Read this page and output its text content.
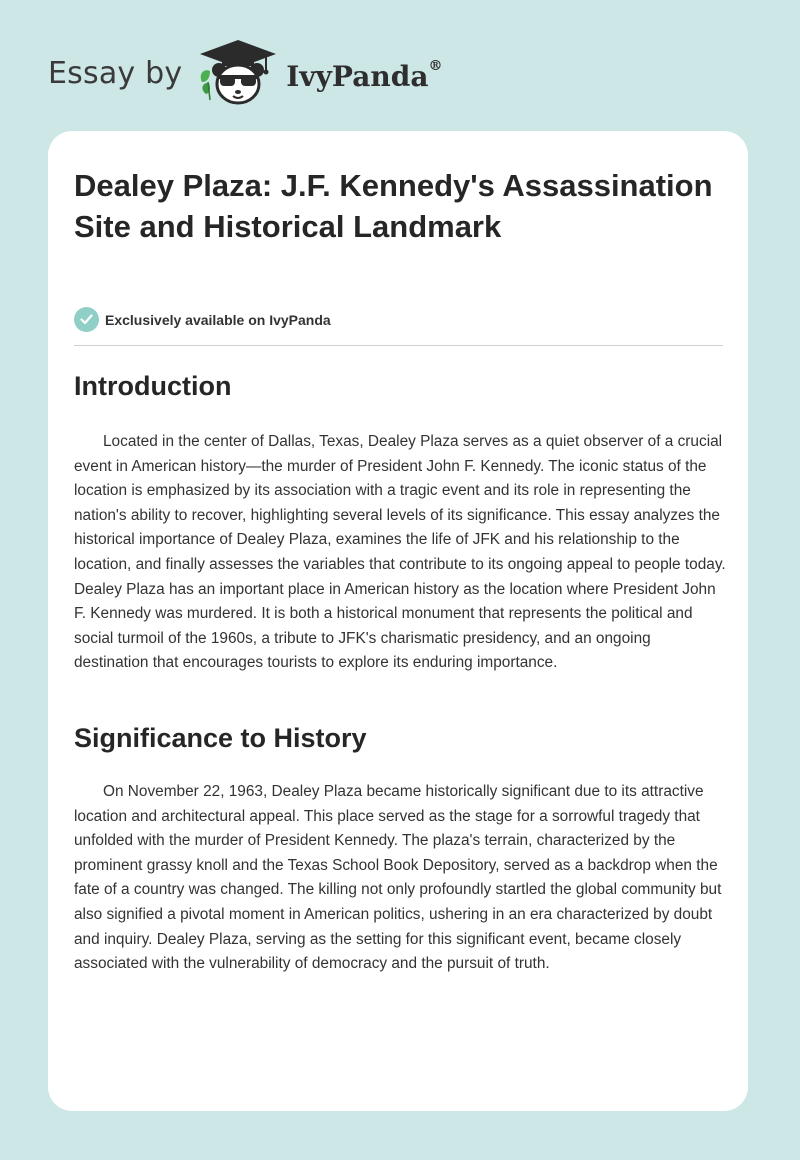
Essay by	IvyPanda®
Dealey Plaza: J.F. Kennedy's Assassination Site and Historical Landmark
Exclusively available on IvyPanda
Introduction

Located in the center of Dallas, Texas, Dealey Plaza serves as a quiet observer of a crucial event in American history—the murder of President John F. Kennedy. The iconic status of the location is emphasized by its association with a tragic event and its role in representing the nation's ability to recover, highlighting several levels of its significance. This essay analyzes the historical importance of Dealey Plaza, examines the life of JFK and his relationship to the location, and finally assesses the variables that contribute to its ongoing appeal to people today. Dealey Plaza has an important place in American history as the location where President John F. Kennedy was murdered. It is both a historical monument that represents the political and social turmoil of the 1960s, a tribute to JFK's charismatic presidency, and an ongoing destination that encourages tourists to explore its enduring importance.

Significance to History

On November 22, 1963, Dealey Plaza became historically significant due to its attractive location and architectural appeal. This place served as the stage for a sorrowful tragedy that unfolded with the murder of President Kennedy. The plaza's terrain, characterized by the prominent grassy knoll and the Texas School Book Depository, served as a backdrop when the fate of a country was changed. The killing not only profoundly startled the global community but also signified a pivotal moment in American politics, ushering in an era characterized by doubt and inquiry. Dealey Plaza, serving as the setting for this significant event, became closely associated with the vulnerability of democracy and the pursuit of truth.
